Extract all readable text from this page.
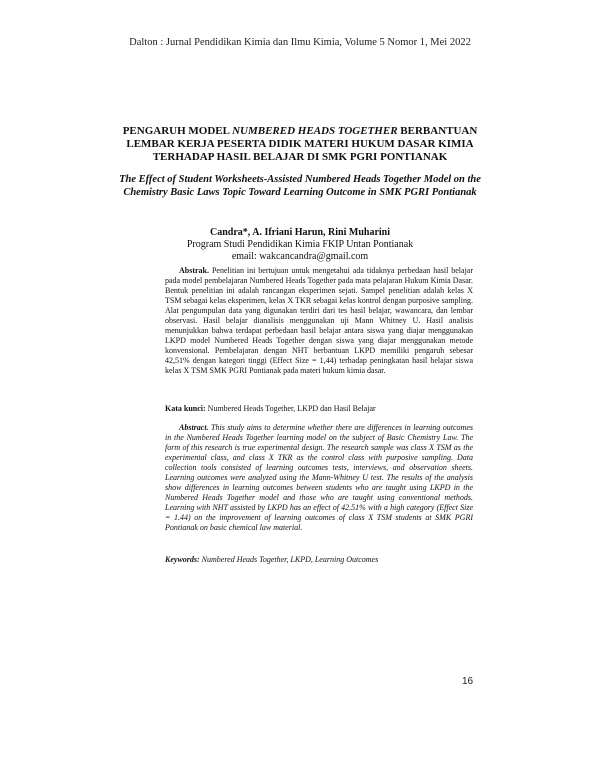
Dalton : Jurnal Pendidikan Kimia dan Ilmu Kimia, Volume 5 Nomor 1, Mei 2022
PENGARUH MODEL NUMBERED HEADS TOGETHER BERBANTUAN LEMBAR KERJA PESERTA DIDIK MATERI HUKUM DASAR KIMIA TERHADAP HASIL BELAJAR DI SMK PGRI PONTIANAK
The Effect of Student Worksheets-Assisted Numbered Heads Together Model on the Chemistry Basic Laws Topic Toward Learning Outcome in SMK PGRI Pontianak
Candra*, A. Ifriani Harun, Rini Muharini
Program Studi Pendidikan Kimia FKIP Untan Pontianak
email: wakcancandra@gmail.com
Abstrak. Penelitian ini bertujuan untuk mengetahui ada tidaknya perbedaan hasil belajar pada model pembelajaran Numbered Heads Together pada mata pelajaran Hukum Kimia Dasar. Bentuk penelitian ini adalah rancangan eksperimen sejati. Sampel penelitian adalah kelas X TSM sebagai kelas eksperimen, kelas X TKR sebagai kelas kontrol dengan purposive sampling. Alat pengumpulan data yang digunakan terdiri dari tes hasil belajar, wawancara, dan lembar observasi. Hasil belajar dianalisis menggunakan uji Mann Whitney U. Hasil analisis menunjukkan bahwa terdapat perbedaan hasil belajar antara siswa yang diajar menggunakan LKPD model Numbered Heads Together dengan siswa yang diajar menggunakan metode konvensional. Pembelajaran dengan NHT berbantuan LKPD memiliki pengaruh sebesar 42,51% dengan kategori tinggi (Effect Size = 1,44) terhadap peningkatan hasil belajar siswa kelas X TSM SMK PGRI Pontianak pada materi hukum kimia dasar.
Kata kunci: Numbered Heads Together, LKPD dan Hasil Belajar
Abstract. This study aims to determine whether there are differences in learning outcomes in the Numbered Heads Together learning model on the subject of Basic Chemistry Law. The form of this research is true experimental design. The research sample was class X TSM as the experimental class, and class X TKR as the control class with purposive sampling. Data collection tools consisted of learning outcomes tests, interviews, and observation sheets. Learning outcomes were analyzed using the Mann-Whitney U test. The results of the analysis show differences in learning outcomes between students who are taught using LKPD in the Numbered Heads Together model and those who are taught using conventional methods. Learning with NHT assisted by LKPD has an effect of 42.51% with a high category (Effect Size = 1.44) on the improvement of learning outcomes of class X TSM students at SMK PGRI Pontianak on basic chemical law material.
Keywords: Numbered Heads Together, LKPD, Learning Outcomes
16
